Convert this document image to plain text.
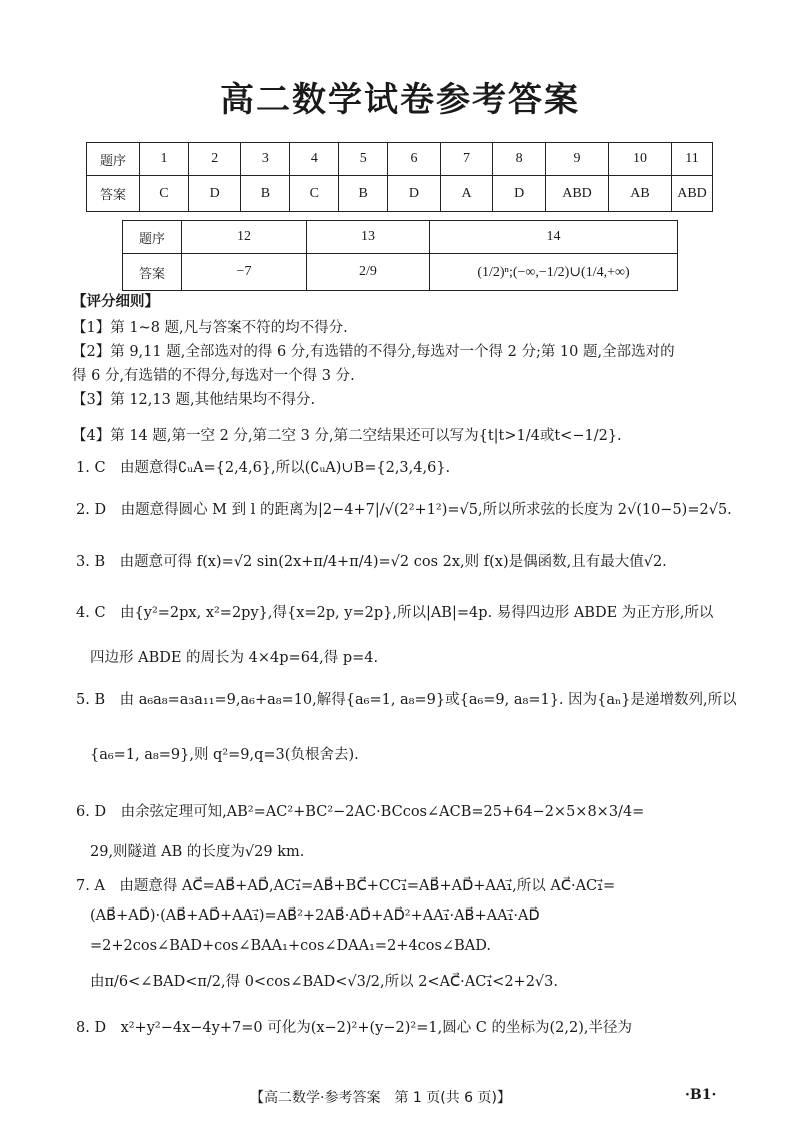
高二数学试卷参考答案
题序	1	2	3	4	5	6	7	8	9	10	11
答案	C	D	B	C	B	D	A	D	ABD	AB	ABD
题序	12	13	14
答案	−7	2/9	(1/2)ⁿ;(−∞,−1/2)∪(1/4,+∞)
【评分细则】
【1】第 1~8 题,凡与答案不符的均不得分.
【2】第 9,11 题,全部选对的得 6 分,有选错的不得分,每选对一个得 2 分;第 10 题,全部选对的
得 6 分,有选错的不得分,每选对一个得 3 分.
【3】第 12,13 题,其他结果均不得分.
【4】第 14 题,第一空 2 分,第二空 3 分,第二空结果还可以写为{t|t>1/4或t<−1/2}.
1. C　由题意得∁ᵤA={2,4,6},所以(∁ᵤA)∪B={2,3,4,6}.
2. D　由题意得圆心 M 到 l 的距离为|2−4+7|/√(2²+1²)=√5,所以所求弦的长度为 2√(10−5)=2√5.
3. B　由题意可得 f(x)=√2 sin(2x+π/4+π/4)=√2 cos 2x,则 f(x)是偶函数,且有最大值√2.
4. C　由{y²=2px, x²=2py},得{x=2p, y=2p},所以|AB|=4p. 易得四边形 ABDE 为正方形,所以
四边形 ABDE 的周长为 4×4p=64,得 p=4.
5. B　由 a₆a₈=a₃a₁₁=9,a₆+a₈=10,解得{a₆=1, a₈=9}或{a₆=9, a₈=1}. 因为{aₙ}是递增数列,所以
{a₆=1, a₈=9},则 q²=9,q=3(负根舍去).
6. D　由余弦定理可知,AB²=AC²+BC²−2AC·BCcos∠ACB=25+64−2×5×8×3/4=
29,则隧道 AB 的长度为√29 km.
7. A　由题意得 AC⃗=AB⃗+AD⃗,AC₁⃗=AB⃗+BC⃗+CC₁⃗=AB⃗+AD⃗+AA₁⃗,所以 AC⃗·AC₁⃗=
(AB⃗+AD⃗)·(AB⃗+AD⃗+AA₁⃗)=AB⃗²+2AB⃗·AD⃗+AD⃗²+AA₁⃗·AB⃗+AA₁⃗·AD⃗
=2+2cos∠BAD+cos∠BAA₁+cos∠DAA₁=2+4cos∠BAD.
由π/6<∠BAD<π/2,得 0<cos∠BAD<√3/2,所以 2<AC⃗·AC₁⃗<2+2√3.
8. D　x²+y²−4x−4y+7=0 可化为(x−2)²+(y−2)²=1,圆心 C 的坐标为(2,2),半径为
【高二数学·参考答案　第 1 页(共 6 页)】	·B1·
